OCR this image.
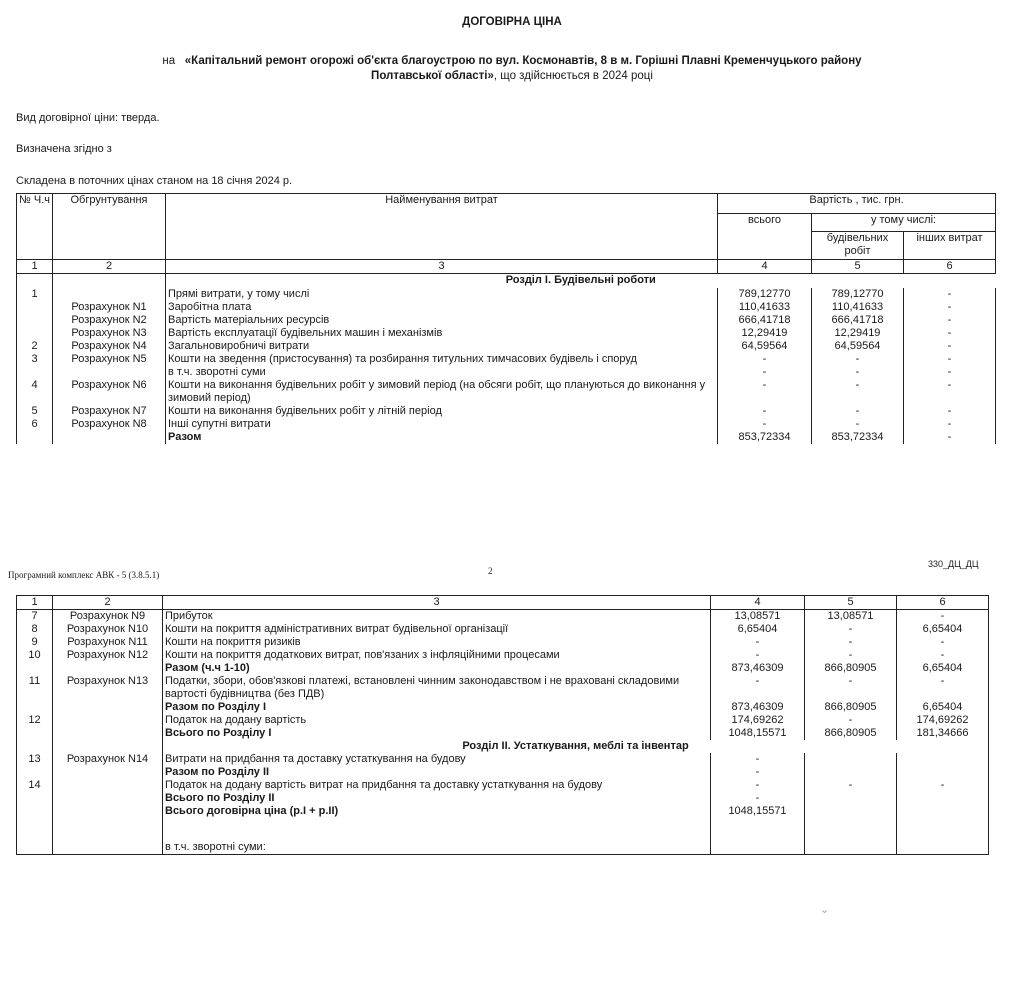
ДОГОВІРНА ЦІНА
на «Капітальний ремонт огорожі об'єкта благоустрою по вул. Космонавтів, 8 в м. Горішні Плавні Кременчуцького району
Полтавської області», що здійснюється в 2024 році
Вид договірної ціни: тверда.
Визначена згідно з
Складена в поточних цінах станом на 18 січня 2024 р.
№ Ч.ч	Обгрунтування	Найменування витрат	Вартість , тис. грн.		
			всього	у тому числі:	
				будівельних робіт	інших витрат
1	2	3	4	5	6
		Розділ I. Будівельні роботи			
1		Прямі витрати, у тому числі	789,12770	789,12770	-
	Розрахунок N1	Заробітна плата	110,41633	110,41633	-
	Розрахунок N2	Вартість матеріальних ресурсів	666,41718	666,41718	-
	Розрахунок N3	Вартість експлуатації будівельних машин і механізмів	12,29419	12,29419	-
2	Розрахунок N4	Загальновиробничі витрати	64,59564	64,59564	-
3	Розрахунок N5	Кошти на зведення (пристосування) та розбирання титульних тимчасових будівель і споруд	-	-	-
		в т.ч. зворотні суми	-	-	-
4	Розрахунок N6	Кошти на виконання будівельних робіт у зимовий період (на обсяги робіт, що плануються до виконання у зимовий період)	-	-	-
5	Розрахунок N7	Кошти на виконання будівельних робіт у літній період	-	-	-
6	Розрахунок N8	Інші супутні витрати	-	-	-
		Разом	853,72334	853,72334	-
Програмний комплекс АВК - 5 (3.8.5.1)	2
330_ДЦ_ДЦ
1	2	3	4	5	6
7	Розрахунок N9	Прибуток	13,08571	13,08571	-
8	Розрахунок N10	Кошти на покриття адміністративних витрат будівельної організації	6,65404	-	6,65404
9	Розрахунок N11	Кошти на покриття ризиків	-	-	-
10	Розрахунок N12	Кошти на покриття додаткових витрат, пов'язаних з інфляційними процесами	-	-	-
		Разом (ч.ч 1-10)	873,46309	866,80905	6,65404
11	Розрахунок N13	Податки, збори, обов'язкові платежі, встановлені чинним законодавством і не враховані складовими вартості будівництва (без ПДВ)	-	-	-
		Разом по Розділу I	873,46309	866,80905	6,65404
12		Податок на додану вартість	174,69262	-	174,69262
		Всього по Розділу I	1048,15571	866,80905	181,34666
		Розділ II. Устаткування, меблі та інвентар			
13	Розрахунок N14	Витрати на придбання та доставку устаткування на будову	-		
		Разом по Розділу II	-		
14		Податок на додану вартість витрат на придбання та доставку устаткування на будову	-	-	-
		Всього по Розділу II	-		
		Всього договірна ціна (р.I + р.II)	1048,15571		
		в т.ч. зворотні суми:			
⌄
